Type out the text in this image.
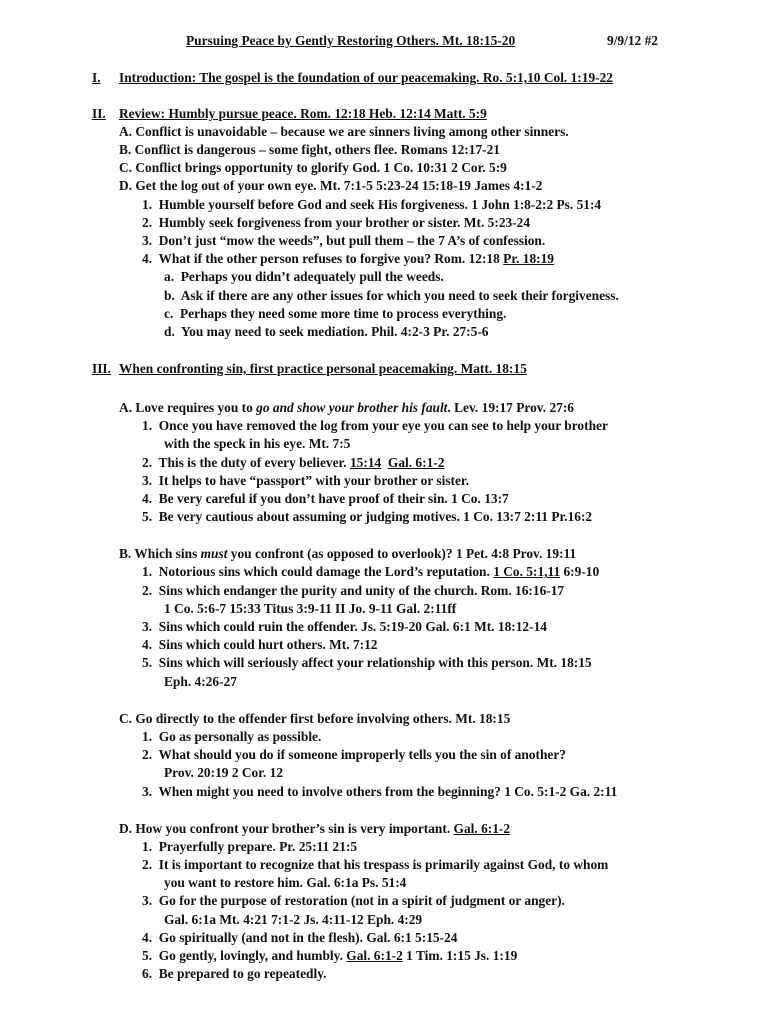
Pursuing Peace by Gently Restoring Others. Mt. 18:15-20	9/9/12 #2
I. Introduction: The gospel is the foundation of our peacemaking. Ro. 5:1,10 Col. 1:19-22
II. Review: Humbly pursue peace. Rom. 12:18 Heb. 12:14 Matt. 5:9
A. Conflict is unavoidable – because we are sinners living among other sinners.
B. Conflict is dangerous – some fight, others flee. Romans 12:17-21
C. Conflict brings opportunity to glorify God. 1 Co. 10:31 2 Cor. 5:9
D. Get the log out of your own eye. Mt. 7:1-5 5:23-24 15:18-19 James 4:1-2
1. Humble yourself before God and seek His forgiveness. 1 John 1:8-2:2 Ps. 51:4
2. Humbly seek forgiveness from your brother or sister. Mt. 5:23-24
3. Don’t just “mow the weeds”, but pull them – the 7 A’s of confession.
4. What if the other person refuses to forgive you? Rom. 12:18 Pr. 18:19
a. Perhaps you didn’t adequately pull the weeds.
b. Ask if there are any other issues for which you need to seek their forgiveness.
c. Perhaps they need some more time to process everything.
d. You may need to seek mediation. Phil. 4:2-3 Pr. 27:5-6
III. When confronting sin, first practice personal peacemaking. Matt. 18:15
A. Love requires you to go and show your brother his fault. Lev. 19:17 Prov. 27:6
1. Once you have removed the log from your eye you can see to help your brother
with the speck in his eye. Mt. 7:5
2. This is the duty of every believer. 15:14 Gal. 6:1-2
3. It helps to have “passport” with your brother or sister.
4. Be very careful if you don’t have proof of their sin. 1 Co. 13:7
5. Be very cautious about assuming or judging motives. 1 Co. 13:7 2:11 Pr.16:2
B. Which sins must you confront (as opposed to overlook)? 1 Pet. 4:8 Prov. 19:11
1. Notorious sins which could damage the Lord’s reputation. 1 Co. 5:1,11 6:9-10
2. Sins which endanger the purity and unity of the church. Rom. 16:16-17
1 Co. 5:6-7 15:33 Titus 3:9-11 II Jo. 9-11 Gal. 2:11ff
3. Sins which could ruin the offender. Js. 5:19-20 Gal. 6:1 Mt. 18:12-14
4. Sins which could hurt others. Mt. 7:12
5. Sins which will seriously affect your relationship with this person. Mt. 18:15
Eph. 4:26-27
C. Go directly to the offender first before involving others. Mt. 18:15
1. Go as personally as possible.
2. What should you do if someone improperly tells you the sin of another?
Prov. 20:19 2 Cor. 12
3. When might you need to involve others from the beginning? 1 Co. 5:1-2 Ga. 2:11
D. How you confront your brother’s sin is very important. Gal. 6:1-2
1. Prayerfully prepare. Pr. 25:11 21:5
2. It is important to recognize that his trespass is primarily against God, to whom
you want to restore him. Gal. 6:1a Ps. 51:4
3. Go for the purpose of restoration (not in a spirit of judgment or anger).
Gal. 6:1a Mt. 4:21 7:1-2 Js. 4:11-12 Eph. 4:29
4. Go spiritually (and not in the flesh). Gal. 6:1 5:15-24
5. Go gently, lovingly, and humbly. Gal. 6:1-2 1 Tim. 1:15 Js. 1:19
6. Be prepared to go repeatedly.
